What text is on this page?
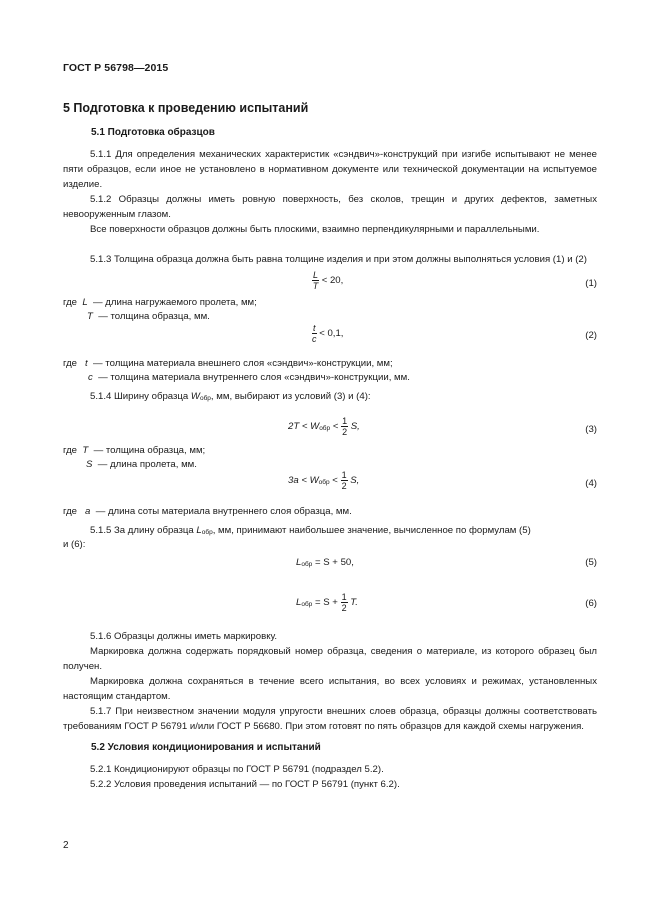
ГОСТ Р 56798—2015
5 Подготовка к проведению испытаний
5.1 Подготовка образцов
5.1.1 Для определения механических характеристик «сэндвич»-конструкций при изгибе испытывают не менее пяти образцов, если иное не установлено в нормативном документе или технической документации на испытуемое изделие.
5.1.2 Образцы должны иметь ровную поверхность, без сколов, трещин и других дефектов, заметных невооруженным глазом.
Все поверхности образцов должны быть плоскими, взаимно перпендикулярными и параллельными.
5.1.3 Толщина образца должна быть равна толщине изделия и при этом должны выполняться условия (1) и (2)
$\frac{L}{T} < 20$,	(1)
где L — длина нагружаемого пролета, мм;
T — толщина образца, мм.
$\frac{t}{c} < 0,1$,	(2)
где t — толщина материала внешнего слоя «сэндвич»-конструкции, мм;
c — толщина материала внутреннего слоя «сэндвич»-конструкции, мм.
5.1.4 Ширину образца $W_{обр}$, мм, выбирают из условий (3) и (4):
$2T < W_{обр} < \frac{1}{2} S$,	(3)
где T — толщина образца, мм;
S — длина пролета, мм.
$3a < W_{обр} < \frac{1}{2} S$,	(4)
где a — длина соты материала внутреннего слоя образца, мм.
5.1.5 За длину образца $L_{обр}$, мм, принимают наибольшее значение, вычисленное по формулам (5)
и (6):
$L_{обр} = S + 50$,	(5)
$L_{обр} = S + \frac{1}{2} T$.	(6)
5.1.6 Образцы должны иметь маркировку.
Маркировка должна содержать порядковый номер образца, сведения о материале, из которого образец был получен.
Маркировка должна сохраняться в течение всего испытания, во всех условиях и режимах, установленных настоящим стандартом.
5.1.7 При неизвестном значении модуля упругости внешних слоев образца, образцы должны соответствовать требованиям ГОСТ Р 56791 и/или ГОСТ Р 56680. При этом готовят по пять образцов для каждой схемы нагружения.
5.2 Условия кондиционирования и испытаний
5.2.1 Кондиционируют образцы по ГОСТ Р 56791 (подраздел 5.2).
5.2.2 Условия проведения испытаний — по ГОСТ Р 56791 (пункт 6.2).
2
